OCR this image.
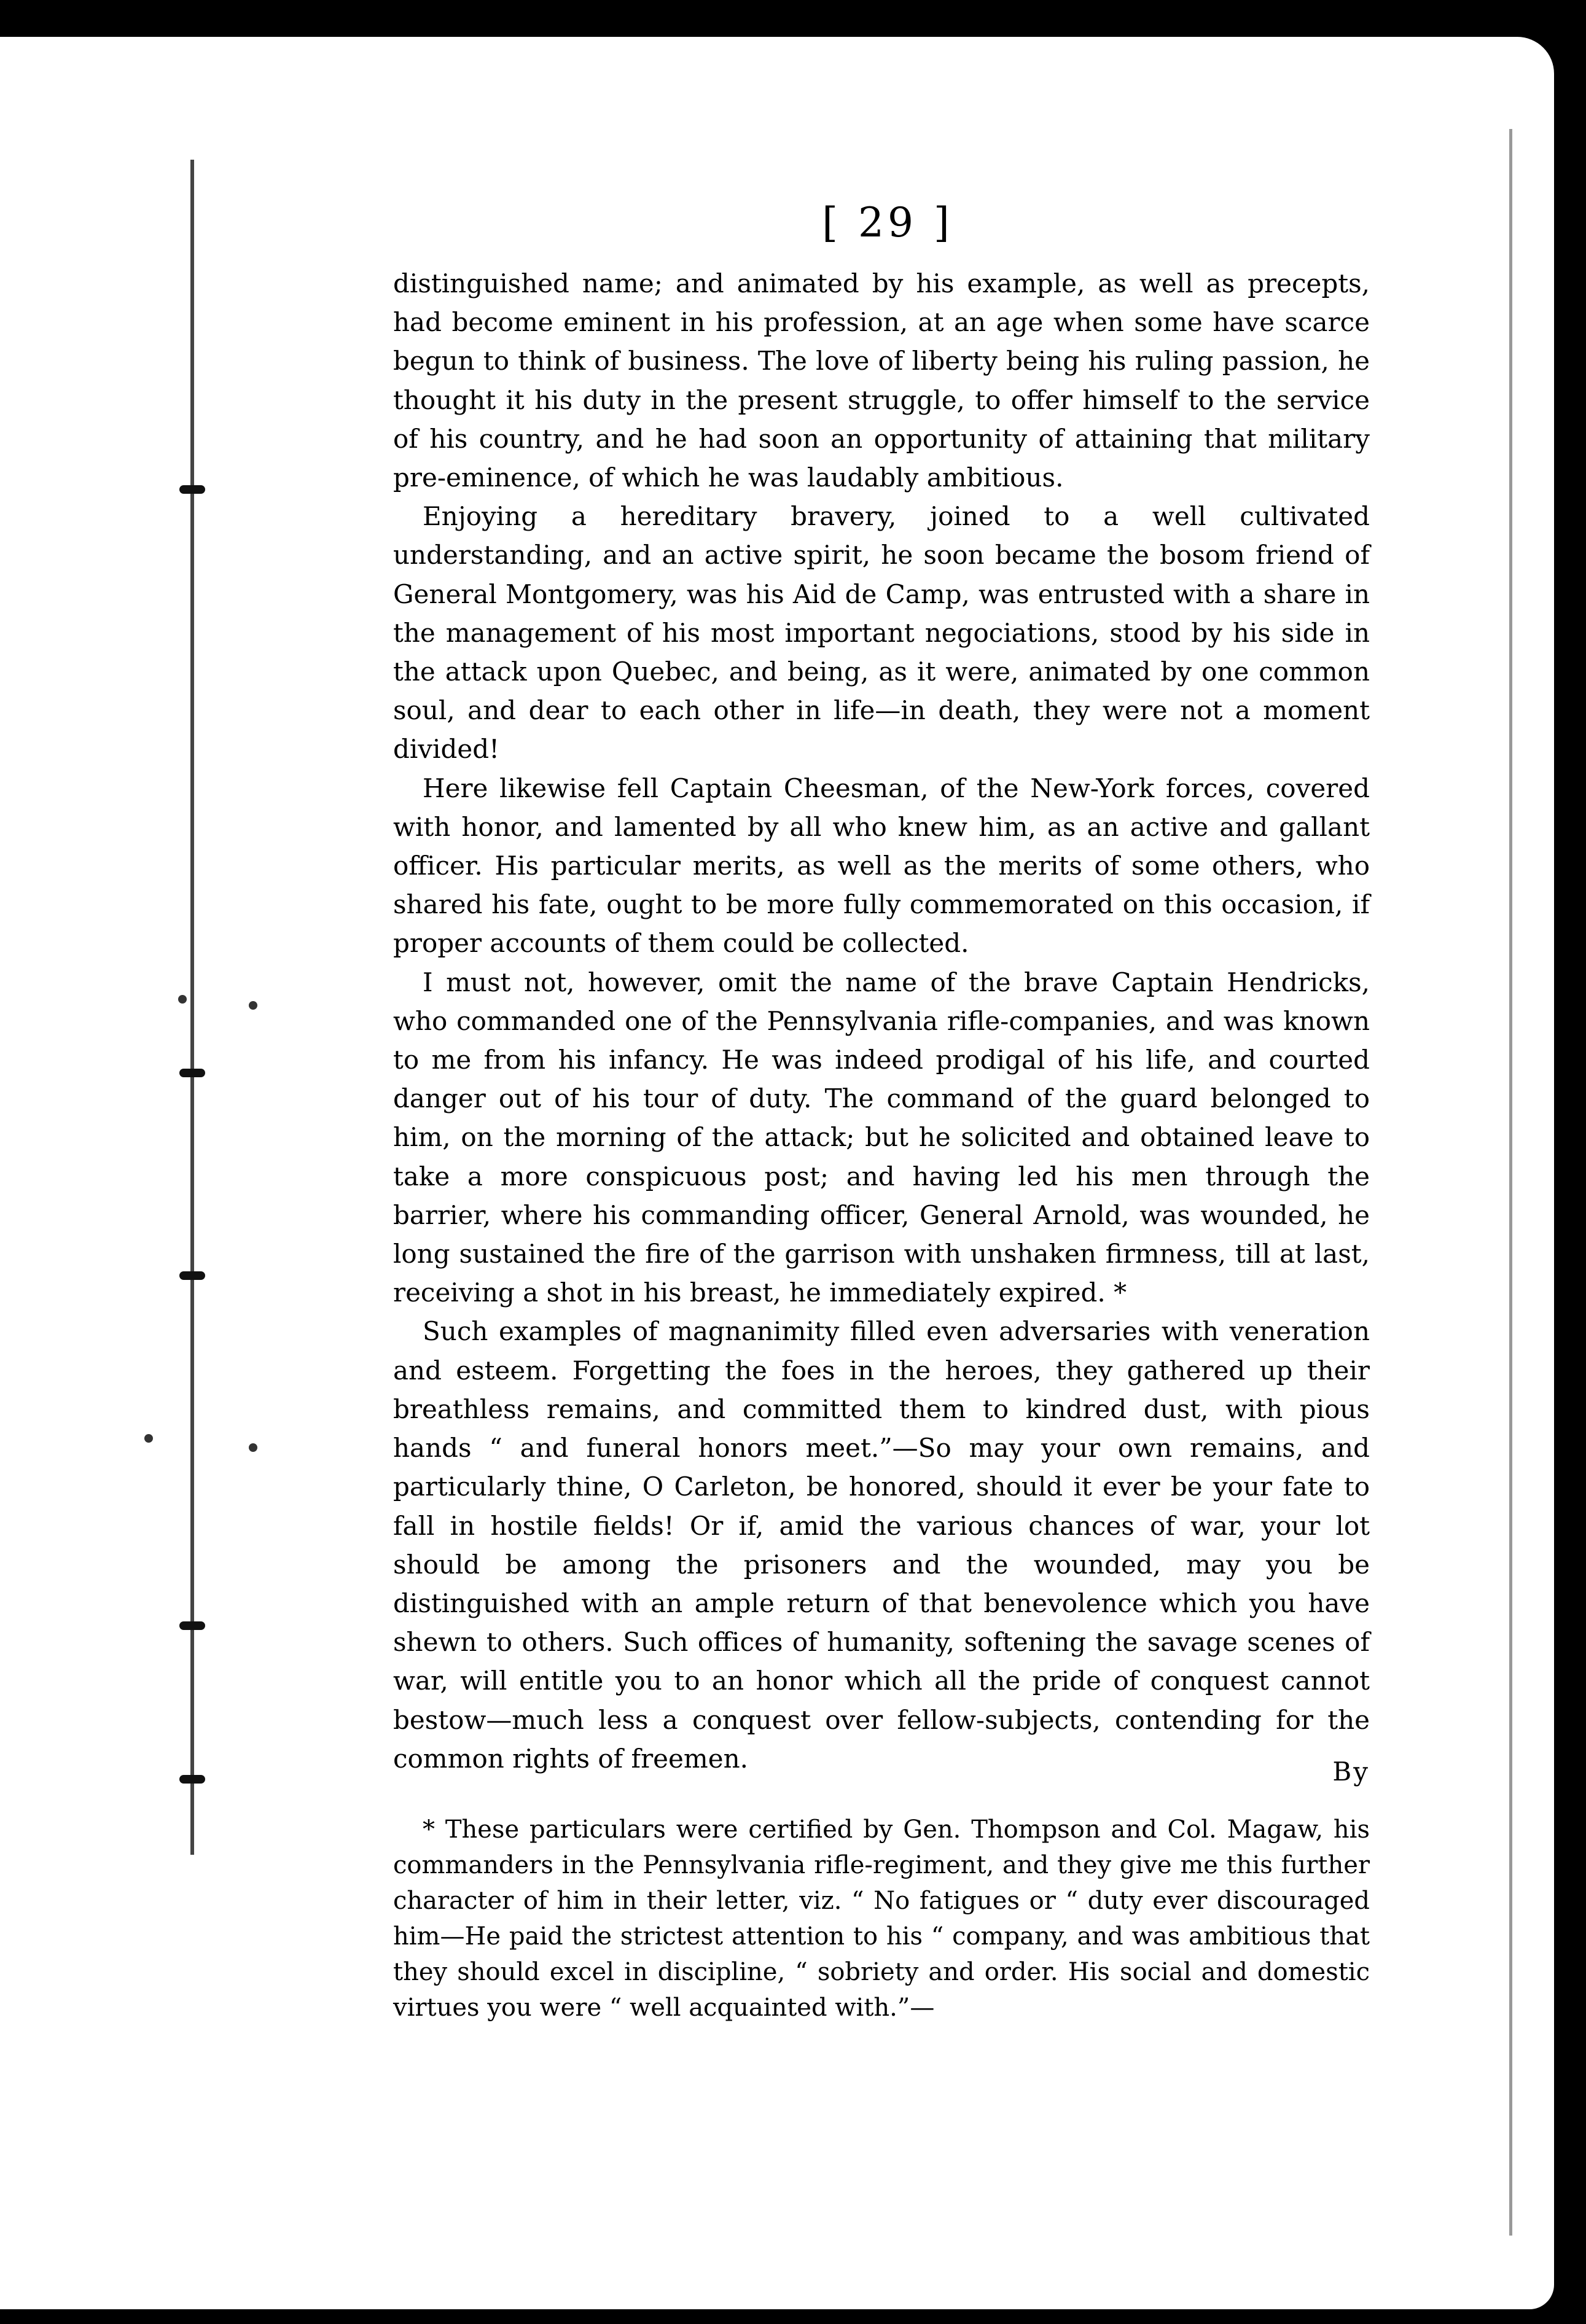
[ 29 ]

distinguished name; and animated by his example, as well as precepts, had become eminent in his profession, at an age when some have scarce begun to think of business. The love of liberty being his ruling passion, he thought it his duty in the present struggle, to offer himself to the service of his country, and he had soon an opportunity of attaining that military pre-eminence, of which he was laudably ambitious.

Enjoying a hereditary bravery, joined to a well cultivated understanding, and an active spirit, he soon became the bosom friend of General Montgomery, was his Aid de Camp, was entrusted with a share in the management of his most important negociations, stood by his side in the attack upon Quebec, and being, as it were, animated by one common soul, and dear to each other in life—in death, they were not a moment divided!

Here likewise fell Captain Cheesman, of the New-York forces, covered with honor, and lamented by all who knew him, as an active and gallant officer. His particular merits, as well as the merits of some others, who shared his fate, ought to be more fully commemorated on this occasion, if proper accounts of them could be collected.

I must not, however, omit the name of the brave Captain Hendricks, who commanded one of the Pennsylvania rifle-companies, and was known to me from his infancy. He was indeed prodigal of his life, and courted danger out of his tour of duty. The command of the guard belonged to him, on the morning of the attack; but he solicited and obtained leave to take a more conspicuous post; and having led his men through the barrier, where his commanding officer, General Arnold, was wounded, he long sustained the fire of the garrison with unshaken firmness, till at last, receiving a shot in his breast, he immediately expired. *

Such examples of magnanimity filled even adversaries with veneration and esteem. Forgetting the foes in the heroes, they gathered up their breathless remains, and committed them to kindred dust, with pious hands “ and funeral honors meet.”—So may your own remains, and particularly thine, O Carleton, be honored, should it ever be your fate to fall in hostile fields! Or if, amid the various chances of war, your lot should be among the prisoners and the wounded, may you be distinguished with an ample return of that benevolence which you have shewn to others. Such offices of humanity, softening the savage scenes of war, will entitle you to an honor which all the pride of conquest cannot bestow—much less a conquest over fellow-subjects, contending for the common rights of freemen.	By

* These particulars were certified by Gen. Thompson and Col. Magaw, his commanders in the Pennsylvania rifle-regiment, and they give me this further character of him in their letter, viz. “ No fatigues or “ duty ever discouraged him—He paid the strictest attention to his “ company, and was ambitious that they should excel in discipline, “ sobriety and order. His social and domestic virtues you were “ well acquainted with.”—
